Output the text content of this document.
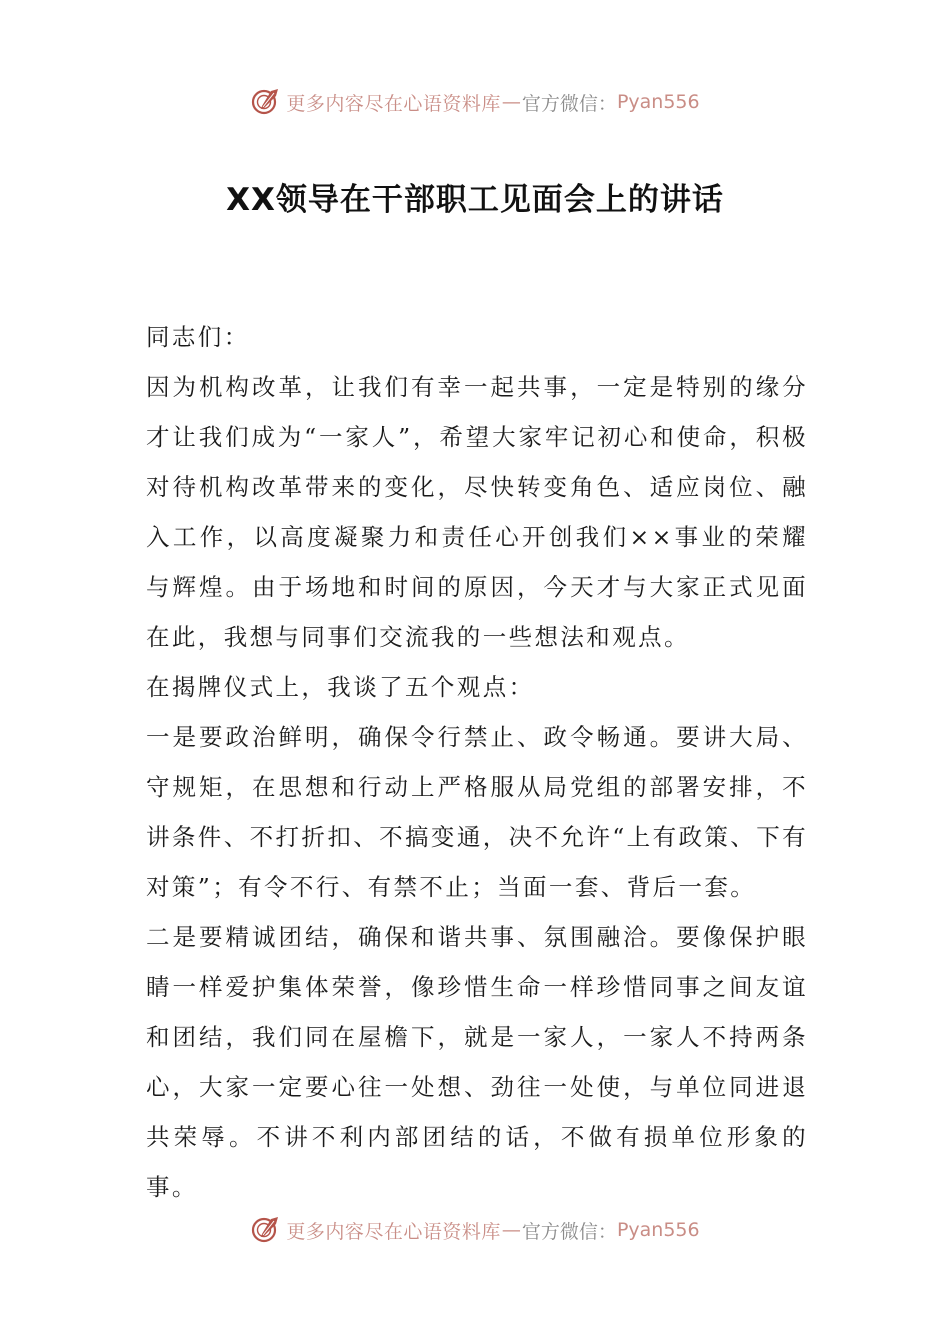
更多内容尽在心语资料库 — 官方微信： Pyan556
XX领导在干部职工见面会上的讲话

同志们：

因为机构改革，让我们有幸一起共事，一定是特别的缘分才让我们成为“一家人”，希望大家牢记初心和使命，积极对待机构改革带来的变化，尽快转变角色、适应岗位、融入工作，以高度凝聚力和责任心开创我们××事业的荣耀与辉煌。由于场地和时间的原因，今天才与大家正式见面在此，我想与同事们交流我的一些想法和观点。

在揭牌仪式上，我谈了五个观点：

一是要政治鲜明，确保令行禁止、政令畅通。要讲大局、守规矩，在思想和行动上严格服从局党组的部署安排，不讲条件、不打折扣、不搞变通，决不允许“上有政策、下有对策”；有令不行、有禁不止；当面一套、背后一套。

二是要精诚团结，确保和谐共事、氛围融洽。要像保护眼睛一样爱护集体荣誉，像珍惜生命一样珍惜同事之间友谊和团结，我们同在屋檐下，就是一家人，一家人不持两条心，大家一定要心往一处想、劲往一处使，与单位同进退共荣辱。不讲不利内部团结的话，不做有损单位形象的事。

更多内容尽在心语资料库 — 官方微信： Pyan556
